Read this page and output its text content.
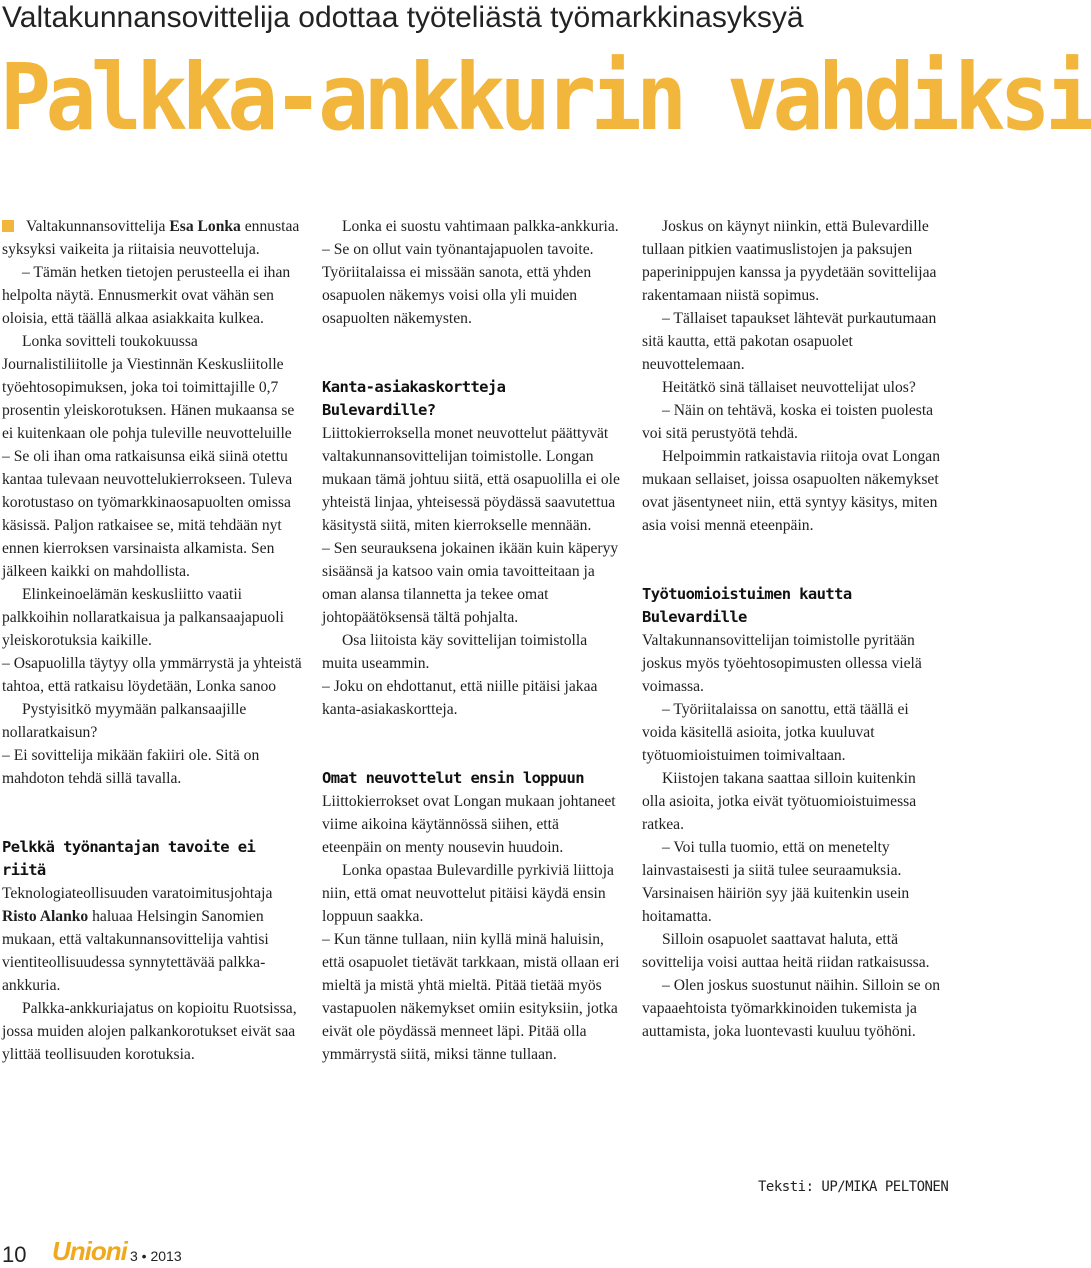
Valtakunnansovittelija odottaa työteliästä työmarkkinasyksyä
Palkka-ankkurin vahdiksi

Valtakunnansovittelija Esa Lonka ennustaa syksyksi vaikeita ja riitaisia neuvotteluja.

– Tämän hetken tietojen perusteella ei ihan helpolta näytä. Ennusmerkit ovat vähän sen oloisia, että täällä alkaa asiakkaita kulkea.

Lonka sovitteli toukokuussa Journalistiliitolle ja Viestinnän Keskusliitolle työehtosopimuksen, joka toi toimittajille 0,7 prosentin yleiskorotuksen. Hänen mukaansa se ei kuitenkaan ole pohja tuleville neuvotteluille

– Se oli ihan oma ratkaisunsa eikä siinä otettu kantaa tulevaan neuvottelukierrokseen. Tuleva korotustaso on työmarkkinaosapuolten omissa käsissä. Paljon ratkaisee se, mitä tehdään nyt ennen kierroksen varsinaista alkamista. Sen jälkeen kaikki on mahdollista.

Elinkeinoelämän keskusliitto vaatii palkkoihin nollaratkaisua ja palkansaajapuoli yleiskorotuksia kaikille.

– Osapuolilla täytyy olla ymmärrystä ja yhteistä tahtoa, että ratkaisu löydetään, Lonka sanoo

Pystyisitkö myymään palkansaajille nollaratkaisun?

– Ei sovittelija mikään fakiiri ole. Sitä on mahdoton tehdä sillä tavalla.

Pelkkä työnantajan tavoite ei riitä

Teknologiateollisuuden varatoimitusjohtaja Risto Alanko haluaa Helsingin Sanomien mukaan, että valtakunnansovittelija vahtisi vientiteollisuudessa synnytettävää palkka-ankkuria.

Palkka-ankkuriajatus on kopioitu Ruotsissa, jossa muiden alojen palkankorotukset eivät saa ylittää teollisuuden korotuksia.

Lonka ei suostu vahtimaan palkka-ankkuria.

– Se on ollut vain työnantajapuolen tavoite. Työriitalaissa ei missään sanota, että yhden osapuolen näkemys voisi olla yli muiden osapuolten näkemysten.

Kanta-asiakaskortteja Bulevardille?

Liittokierroksella monet neuvottelut päättyvät valtakunnansovittelijan toimistolle. Longan mukaan tämä johtuu siitä, että osapuolilla ei ole yhteistä linjaa, yhteisessä pöydässä saavutettua käsitystä siitä, miten kierrokselle mennään.

– Sen seurauksena jokainen ikään kuin käperyy sisäänsä ja katsoo vain omia tavoitteitaan ja oman alansa tilannetta ja tekee omat johtopäätöksensä tältä pohjalta.

Osa liitoista käy sovittelijan toimistolla muita useammin.

– Joku on ehdottanut, että niille pitäisi jakaa kanta-asiakaskortteja.

Omat neuvottelut ensin loppuun

Liittokierrokset ovat Longan mukaan johtaneet viime aikoina käytännössä siihen, että eteenpäin on menty nousevin huudoin.

Lonka opastaa Bulevardille pyrkiviä liittoja niin, että omat neuvottelut pitäisi käydä ensin loppuun saakka.

– Kun tänne tullaan, niin kyllä minä haluisin, että osapuolet tietävät tarkkaan, mistä ollaan eri mieltä ja mistä yhtä mieltä. Pitää tietää myös vastapuolen näkemykset omiin esityksiin, jotka eivät ole pöydässä menneet läpi. Pitää olla ymmärrystä siitä, miksi tänne tullaan.

Joskus on käynyt niinkin, että Bulevardille tullaan pitkien vaatimuslistojen ja paksujen paperinippujen kanssa ja pyydetään sovittelijaa rakentamaan niistä sopimus.

– Tällaiset tapaukset lähtevät purkautumaan sitä kautta, että pakotan osapuolet neuvottelemaan.

Heitätkö sinä tällaiset neuvottelijat ulos?

– Näin on tehtävä, koska ei toisten puolesta voi sitä perustyötä tehdä.

Helpoimmin ratkaistavia riitoja ovat Longan mukaan sellaiset, joissa osapuolten näkemykset ovat jäsentyneet niin, että syntyy käsitys, miten asia voisi mennä eteenpäin.

Työtuomioistuimen kautta Bulevardille

Valtakunnansovittelijan toimistolle pyritään joskus myös työehtosopimusten ollessa vielä voimassa.

– Työriitalaissa on sanottu, että täällä ei voida käsitellä asioita, jotka kuuluvat työtuomioistuimen toimivaltaan.

Kiistojen takana saattaa silloin kuitenkin olla asioita, jotka eivät työtuomioistuimessa ratkea.

– Voi tulla tuomio, että on menetelty lainvastaisesti ja siitä tulee seuraamuksia. Varsinaisen häiriön syy jää kuitenkin usein hoitamatta.

Silloin osapuolet saattavat haluta, että sovittelija voisi auttaa heitä riidan ratkaisussa.

– Olen joskus suostunut näihin. Silloin se on vapaaehtoista työmarkkinoiden tukemista ja auttamista, joka luontevasti kuuluu työhöni.

Teksti: UP/MIKA PELTONEN
10 Unioni 3 • 2013
